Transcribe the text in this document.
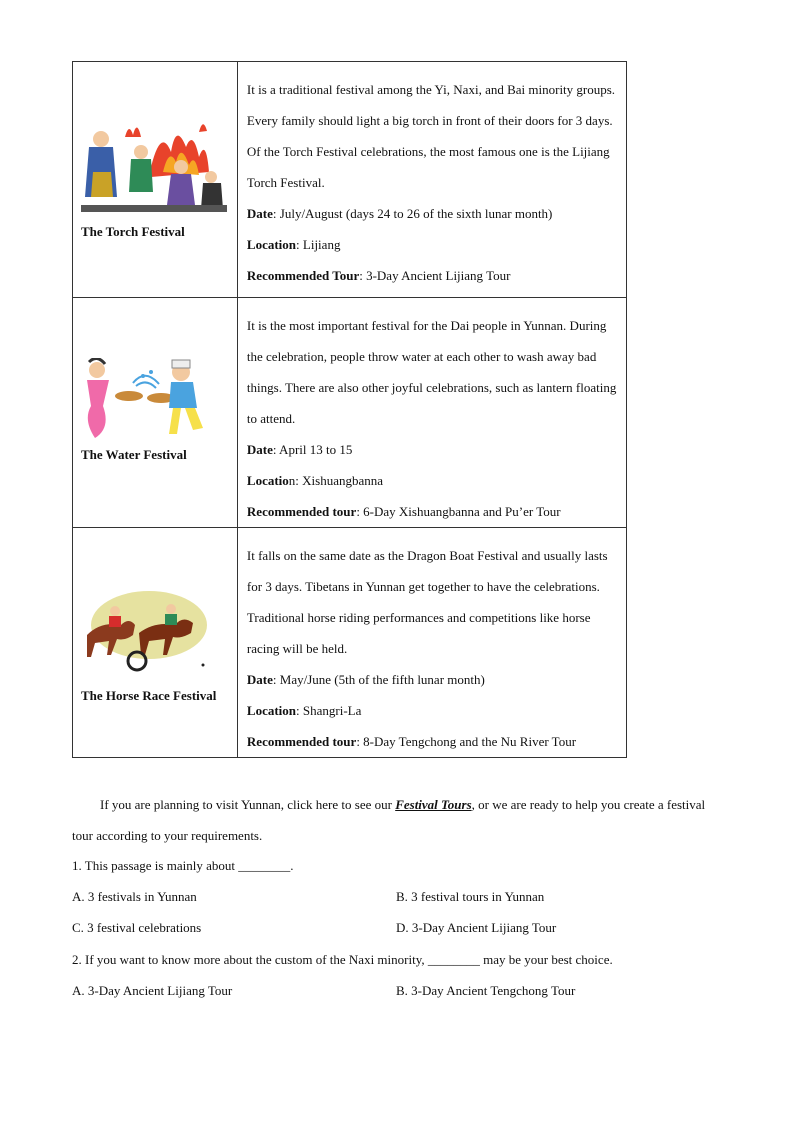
The Torch Festival	It is a traditional festival among the Yi, Naxi, and Bai minority groups. Every family should light a big torch in front of their doors for 3 days. Of the Torch Festival celebrations, the most famous one is the Lijiang Torch Festival.

Date: July/August (days 24 to 26 of the sixth lunar month)

Location: Lijiang

Recommended Tour: 3-Day Ancient Lijiang Tour

The Water Festival	It is the most important festival for the Dai people in Yunnan. During the celebration, people throw water at each other to wash away bad things. There are also other joyful celebrations, such as lantern floating to attend.

Date: April 13 to 15

Location: Xishuangbanna

Recommended tour: 6-Day Xishuangbanna and Pu’er Tour

The Horse Race Festival	It falls on the same date as the Dragon Boat Festival and usually lasts for 3 days. Tibetans in Yunnan get together to have the celebrations. Traditional horse riding performances and competitions like horse racing will be held.

Date: May/June (5th of the fifth lunar month)

Location: Shangri-La

Recommended tour: 8-Day Tengchong and the Nu River Tour

If you are planning to visit Yunnan, click here to see our Festival Tours, or we are ready to help you create a festival tour according to your requirements.
1. This passage is mainly about ________.
A. 3 festivals in Yunnan	B. 3 festival tours in Yunnan
C. 3 festival celebrations	D. 3-Day Ancient Lijiang Tour
2. If you want to know more about the custom of the Naxi minority, ________ may be your best choice.
A. 3-Day Ancient Lijiang Tour	B. 3-Day Ancient Tengchong Tour
